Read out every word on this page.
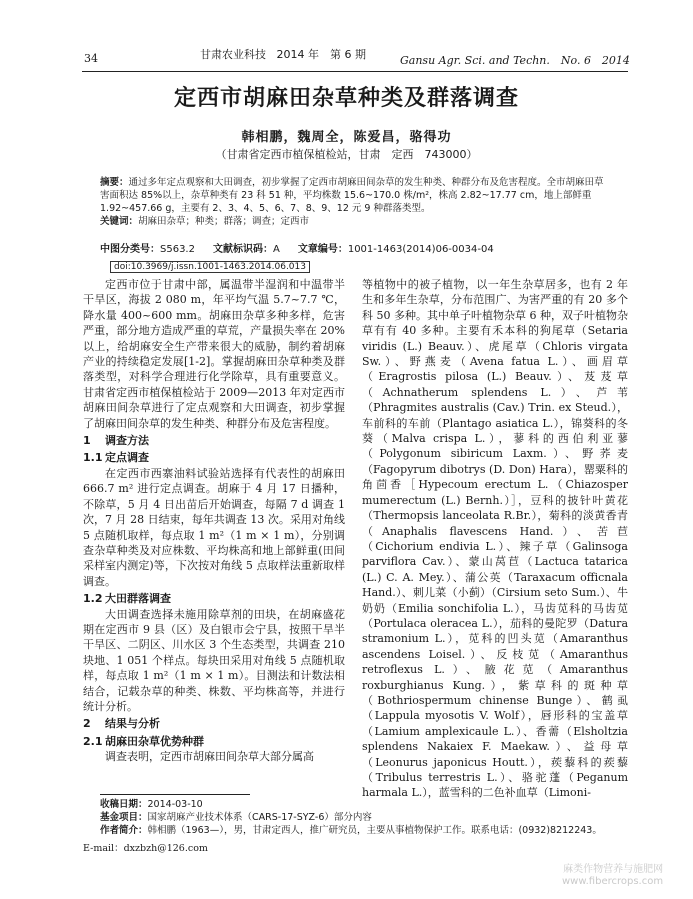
34	甘肃农业科技 2014 年　第 6 期	Gansu Agr. Sci. and Techn.　No. 6　2014
定西市胡麻田杂草种类及群落调查
韩相鹏，魏周全，陈爱昌，骆得功
（甘肃省定西市植保植检站，甘肃　定西　743000）
摘要：通过多年定点观察和大田调查，初步掌握了定西市胡麻田间杂草的发生种类、种群分布及危害程度。全市胡麻田草害面积达 85%以上，杂草种类有 23 科 51 种，平均株数 15.6~170.0 株/m²，株高 2.82~17.77 cm，地上部鲜重 1.92~457.66 g，主要有 2、3、4、5、6、7、8、9、12 元 9 种群落类型。
关键词：胡麻田杂草；种类；群落；调查；定西市
中图分类号：S563.2 文献标识码：A 文章编号：1001-1463(2014)06-0034-04
doi:10.3969/j.issn.1001-1463.2014.06.013
定西市位于甘肃中部，属温带半湿润和中温带半干旱区，海拔 2 080 m，年平均气温 5.7~7.7 ℃，降水量 400~600 mm。胡麻田杂草多种多样，危害严重，部分地方造成严重的草荒，产量损失率在 20%以上，给胡麻安全生产带来很大的威胁，制约着胡麻产业的持续稳定发展[1-2]。掌握胡麻田杂草种类及群落类型，对科学合理进行化学除草，具有重要意义。甘肃省定西市植保植检站于 2009—2013 年对定西市胡麻田间杂草进行了定点观察和大田调查，初步掌握了胡麻田间杂草的发生种类、种群分布及危害程度。
1 调查方法
1.1 定点调查
在定西市西寨油料试验站选择有代表性的胡麻田 666.7 m² 进行定点调查。胡麻于 4 月 17 日播种，不除草，5 月 4 日出苗后开始调查，每隔 7 d 调查 1 次，7 月 28 日结束，每年共调查 13 次。采用对角线 5 点随机取样，每点取 1 m²（1 m × 1 m），分别调查杂草种类及对应株数、平均株高和地上部鲜重(田间采样室内测定)等，下次按对角线 5 点取样法重新取样调查。
1.2 大田群落调查
大田调查选择未施用除草剂的田块，在胡麻盛花期在定西市 9 县（区）及白银市会宁县，按照干旱半干旱区、二阴区、川水区 3 个生态类型，共调查 210 块地、1 051 个样点。每块田采用对角线 5 点随机取样，每点取 1 m²（1 m × 1 m）。目测法和计数法相结合，记载杂草的种类、株数、平均株高等，并进行统计分析。
2 结果与分析
2.1 胡麻田杂草优势种群
调查表明，定西市胡麻田间杂草大部分属高
等植物中的被子植物，以一年生杂草居多，也有 2 年生和多年生杂草，分布范围广、为害严重的有 20 多个科 50 多种。其中单子叶植物杂草 6 种，双子叶植物杂草有有 40 多种。主要有禾本科的狗尾草（Setaria viridis (L.) Beauv.）、虎尾草（Chloris virgata Sw.）、野燕麦（Avena fatua L.）、画眉草（Eragrostis pilosa (L.) Beauv.）、芨芨草（Achnatherum splendens L.）、芦苇（Phragmites australis (Cav.) Trin. ex Steud.），车前科的车前（Plantago asiatica L.），锦葵科的冬葵（Malva crispa L.），蓼科的西伯利亚蓼（Polygonum sibiricum Laxm.）、野荞麦（Fagopyrum dibotrys (D. Don) Hara），罂粟科的角茴香［Hypecoum erectum L.（Chiazosper mumerectum (L.) Bernh.）］，豆科的披针叶黄花（Thermopsis lanceolata R.Br.），菊科的淡黄香青（Anaphalis flavescens Hand.）、苦苣（Cichorium endivia L.）、辣子草（Galinsoga parviflora Cav.）、蒙山莴苣（Lactuca tatarica (L.) C. A. Mey.）、蒲公英（Taraxacum officnala Hand.）、刺儿菜（小蓟）（Cirsium seto Sum.）、牛奶奶（Emilia sonchifolia L.），马齿苋科的马齿苋（Portulaca oleracea L.），茄科的曼陀罗（Datura stramonium L.），苋科的凹头苋（Amaranthus ascendens Loisel.）、反枝苋（Amaranthus retroflexus L.）、腋花苋（Amaranthus roxburghianus Kung.），紫草科的斑种草（Bothriospermum chinense Bunge）、鹤虱（Lappula myosotis V. Wolf），唇形科的宝盖草（Lamium amplexicaule L.）、香薷（Elsholtzia splendens Nakaiex F. Maekaw.）、益母草（Leonurus japonicus Houtt.），蒺藜科的蒺藜（Tribulus terrestris L.）、骆驼蓬（Peganum harmala L.），蓝雪科的二色补血草（Limoni-
收稿日期：2014-03-10
基金项目：国家胡麻产业技术体系（CARS-17-SYZ-6）部分内容
作者简介：韩相鹏（1963—），男，甘肃定西人，推广研究员，主要从事植物保护工作。联系电话：(0932)8212243。
E-mail：dxzbzh@126.com
麻类作物营养与施肥网
www.fibercrops.com
